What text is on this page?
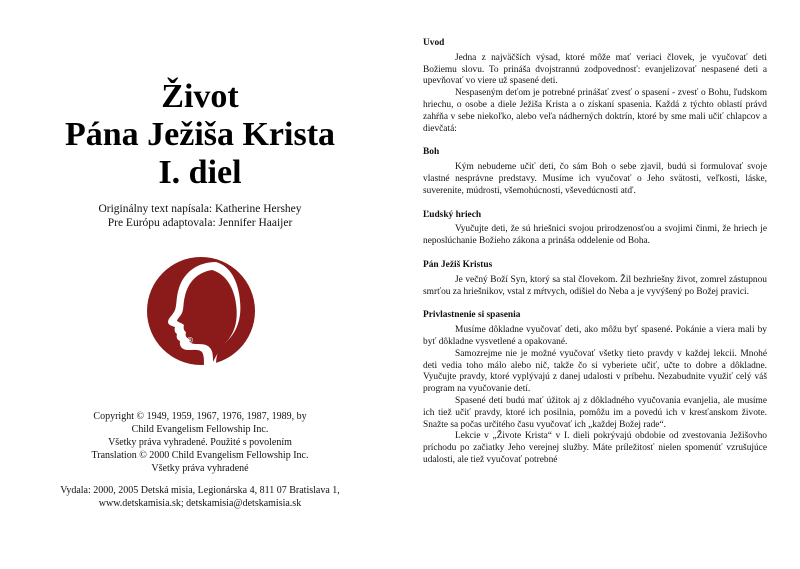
Život
Pána Ježiša Krista
I. diel
Originálny text napísala: Katherine Hershey
Pre Európu adaptovala: Jennifer Haaijer
®
Copyright © 1949, 1959, 1967, 1976, 1987, 1989, by
Child Evangelism Fellowship Inc.
Všetky práva vyhradené. Použité s povolením
Translation © 2000 Child Evangelism Fellowship Inc.
Všetky práva vyhradené
Vydala: 2000, 2005 Detská misia, Legionárska 4, 811 07 Bratislava 1,
www.detskamisia.sk; detskamisia@detskamisia.sk
Úvod

Jedna z najväčších výsad, ktoré môže mať veriaci človek, je vyučovať deti Božiemu slovu. To prináša dvojstrannú zodpovednosť: evanjelizovať nespasené deti a upevňovať vo viere už spasené deti.

Nespaseným deťom je potrebné prinášať zvesť o spasení - zvesť o Bohu, ľudskom hriechu, o osobe a diele Ježiša Krista a o získaní spasenia. Každá z týchto oblastí právd zahŕňa v sebe niekoľko, alebo veľa nádherných doktrín, ktoré by sme mali učiť chlapcov a dievčatá:

Boh

Kým nebudeme učiť deti, čo sám Boh o sebe zjavil, budú si formulovať svoje vlastné nesprávne predstavy. Musíme ich vyučovať o Jeho svätosti, veľkosti, láske, suverenite, múdrosti, všemohúcnosti, vševedúcnosti atď.

Ľudský hriech

Vyučujte deti, že sú hriešnici svojou prirodzenosťou a svojimi činmi, že hriech je neposlúchanie Božieho zákona a prináša oddelenie od Boha.

Pán Ježiš Kristus

Je večný Boží Syn, ktorý sa stal človekom. Žil bezhriešny život, zomrel zástupnou smrťou za hriešnikov, vstal z mŕtvych, odišiel do Neba a je vyvýšený po Božej pravici.

Privlastnenie si spasenia

Musíme dôkladne vyučovať deti, ako môžu byť spasené. Pokánie a viera mali by byť dôkladne vysvetlené a opakované.

Samozrejme nie je možné vyučovať všetky tieto pravdy v každej lekcii. Mnohé deti vedia toho málo alebo nič, takže čo si vyberiete učiť, učte to dobre a dôkladne. Vyučujte pravdy, ktoré vyplývajú z danej udalosti v príbehu. Nezabudnite využiť celý váš program na vyučovanie detí.

Spasené deti budú mať úžitok aj z dôkladného vyučovania evanjelia, ale musíme ich tiež učiť pravdy, ktoré ich posilnia, pomôžu im a povedú ich v kresťanskom živote. Snažte sa počas určitého času vyučovať ich „každej Božej rade“.

Lekcie v „Živote Krista“ v I. dieli pokrývajú obdobie od zvestovania Ježišovho príchodu po začiatky Jeho verejnej služby. Máte príležitosť nielen spomenúť vzrušujúce udalosti, ale tiež vyučovať potrebné
